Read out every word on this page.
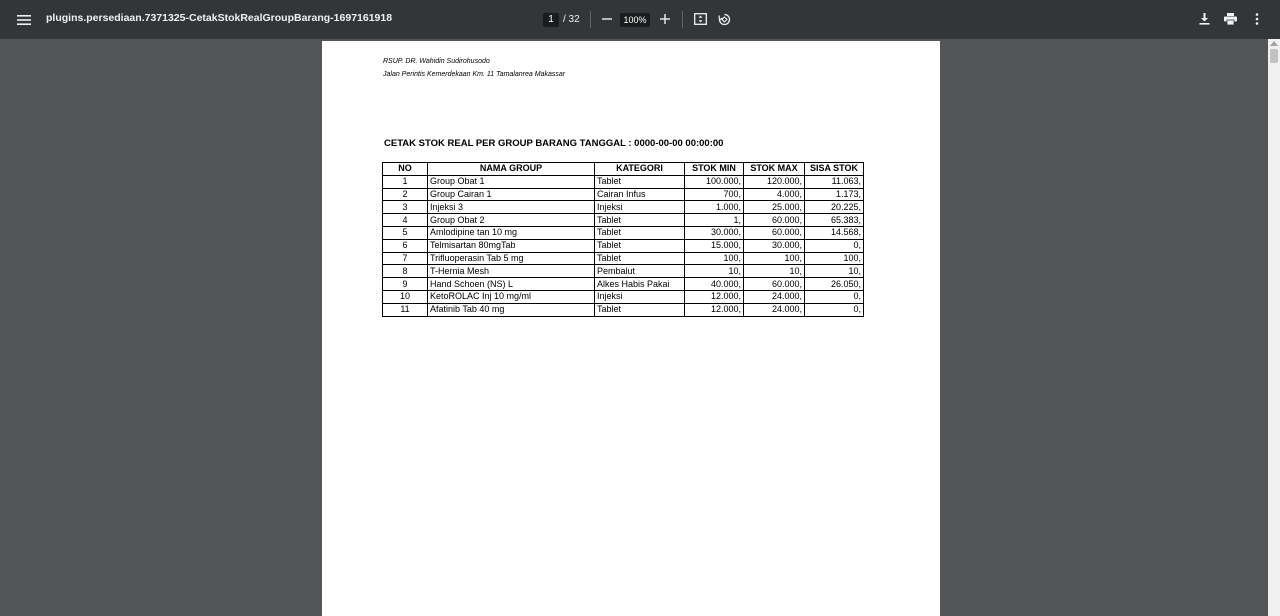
plugins.persediaan.7371325-CetakStokRealGroupBarang-1697161918	1 / 32	100%
RSUP. DR. Wahidin Sudirohusodo
Jalan Perintis Kemerdekaan Km. 11 Tamalanrea Makassar
CETAK STOK REAL PER GROUP BARANG TANGGAL : 0000-00-00 00:00:00
NO	NAMA GROUP	KATEGORI	STOK MIN	STOK MAX	SISA STOK
1	Group Obat 1	Tablet	100.000,	120.000,	11.063,
2	Group Cairan 1	Cairan Infus	700,	4.000,	1.173,
3	Injeksi 3	Injeksi	1.000,	25.000,	20.225,
4	Group Obat 2	Tablet	1,	60.000,	65.383,
5	Amlodipine tan 10 mg	Tablet	30.000,	60.000,	14.568,
6	Telmisartan 80mgTab	Tablet	15.000,	30.000,	0,
7	Trifluoperasin Tab 5 mg	Tablet	100,	100,	100,
8	T-Hernia Mesh	Pembalut	10,	10,	10,
9	Hand Schoen (NS) L	Alkes Habis Pakai	40.000,	60.000,	26.050,
10	KetoROLAC Inj 10 mg/ml	Injeksi	12.000,	24.000,	0,
11	Afatinib Tab 40 mg	Tablet	12.000,	24.000,	0,
